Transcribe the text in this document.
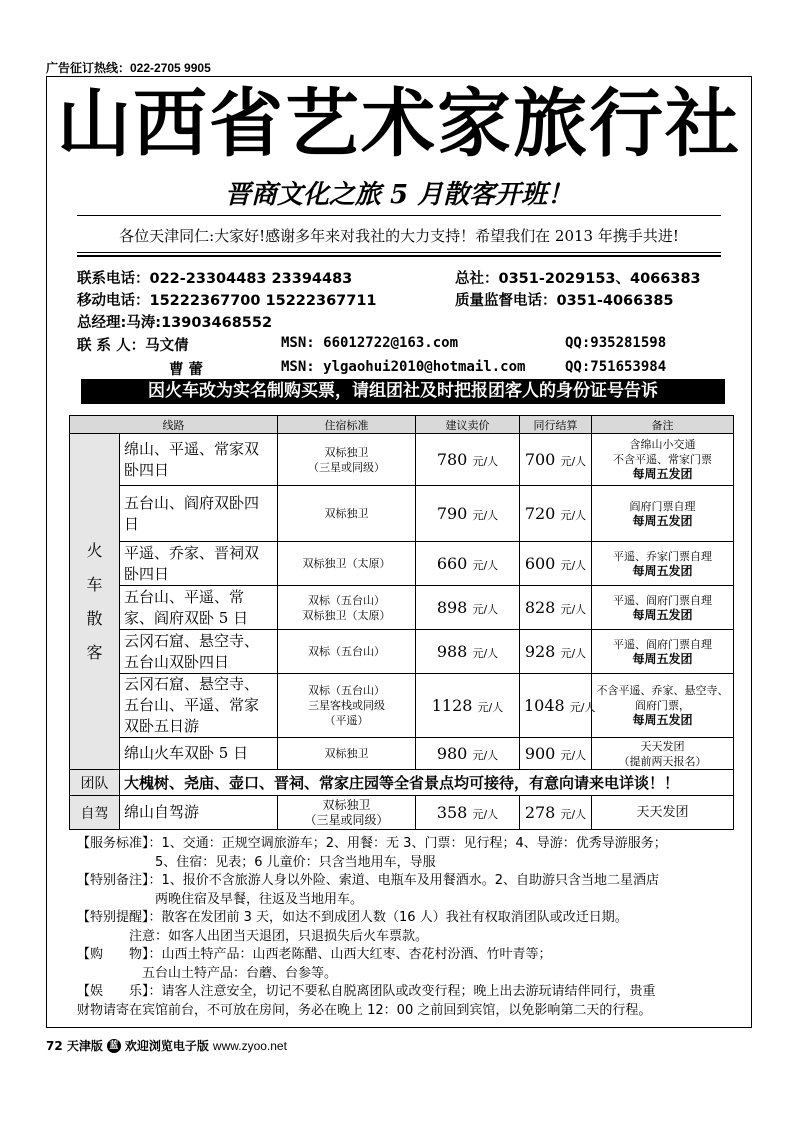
广告征订热线：022-2705 9905
山西省艺术家旅行社
晋商文化之旅 5 月散客开班！
各位天津同仁:大家好!感谢多年来对我社的大力支持！希望我们在 2013 年携手共进!
联系电话：022-23304483 23394483	总社：0351-2029153、4066383
移动电话：15222367700 15222367711	质量监督电话：0351-4066385
总经理:马涛:13903468552
联 系 人：马文倩	MSN: 66012722@163.com	QQ:935281598
曹 蕾	MSN: ylgaohui2010@hotmail.com	QQ:751653984
因火车改为实名制购买票，请组团社及时把报团客人的身份证号告诉
线路		住宿标准	建议卖价	同行结算	备注
火
车
散
客	绵山、平遥、常家双卧四日	双标独卫
（三星或同级）	780 元/人	700 元/人	含绵山小交通
不含平遥、常家门票
每周五发团

	五台山、阎府双卧四日	双标独卫	790 元/人	720 元/人	阎府门票自理
每周五发团

	平遥、乔家、晋祠双卧四日	双标独卫（太原）	660 元/人	600 元/人	平遥、乔家门票自理
每周五发团

	五台山、平遥、常家、阎府双卧 5 日	双标（五台山）
双标独卫（太原）	898 元/人	828 元/人	平遥、阎府门票自理
每周五发团

	云冈石窟、悬空寺、五台山双卧四日	双标（五台山）	988 元/人	928 元/人	平遥、阎府门票自理
每周五发团

	云冈石窟、悬空寺、五台山、平遥、常家双卧五日游	双标（五台山）
三星客栈或同级
（平遥）	1128 元/人	1048 元/人	不含平遥、乔家、悬空寺、阎府门票，
每周五发团

	绵山火车双卧 5 日	双标独卫	980 元/人	900 元/人	天天发团
（提前两天报名）
团队	大槐树、尧庙、壶口、晋祠、常家庄园等全省景点均可接待，有意向请来电详谈！！				
自驾	绵山自驾游	双标独卫
（三星或同级）	358 元/人	278 元/人	天天发团
【服务标准】：1、交通：正规空调旅游车；2、用餐：无 3、门票：见行程；4、导游：优秀导游服务；
　　　　　　5、住宿：见表；6 儿童价：只含当地用车，导服
【特别备注】：1、报价不含旅游人身以外险、索道、电瓶车及用餐酒水。2、自助游只含当地二星酒店
　　　　　　两晚住宿及早餐，往返及当地用车。
【特别提醒】：散客在发团前 3 天，如达不到成团人数（16 人）我社有权取消团队或改迁日期。
　　　　注意：如客人出团当天退团，只退损失后火车票款。
【购　　物】：山西土特产品：山西老陈醋、山西大红枣、杏花村汾酒、竹叶青等；
　　　　　五台山土特产品：台蘑、台参等。
【娱　　乐】：请客人注意安全，切记不要私自脱离团队或改变行程；晚上出去游玩请结伴同行，贵重
财物请寄在宾馆前台，不可放在房间，务必在晚上 12：00 之前回到宾馆，以免影响第二天的行程。
72 天津版 蓝 欢迎浏览电子版 www.zyoo.net
